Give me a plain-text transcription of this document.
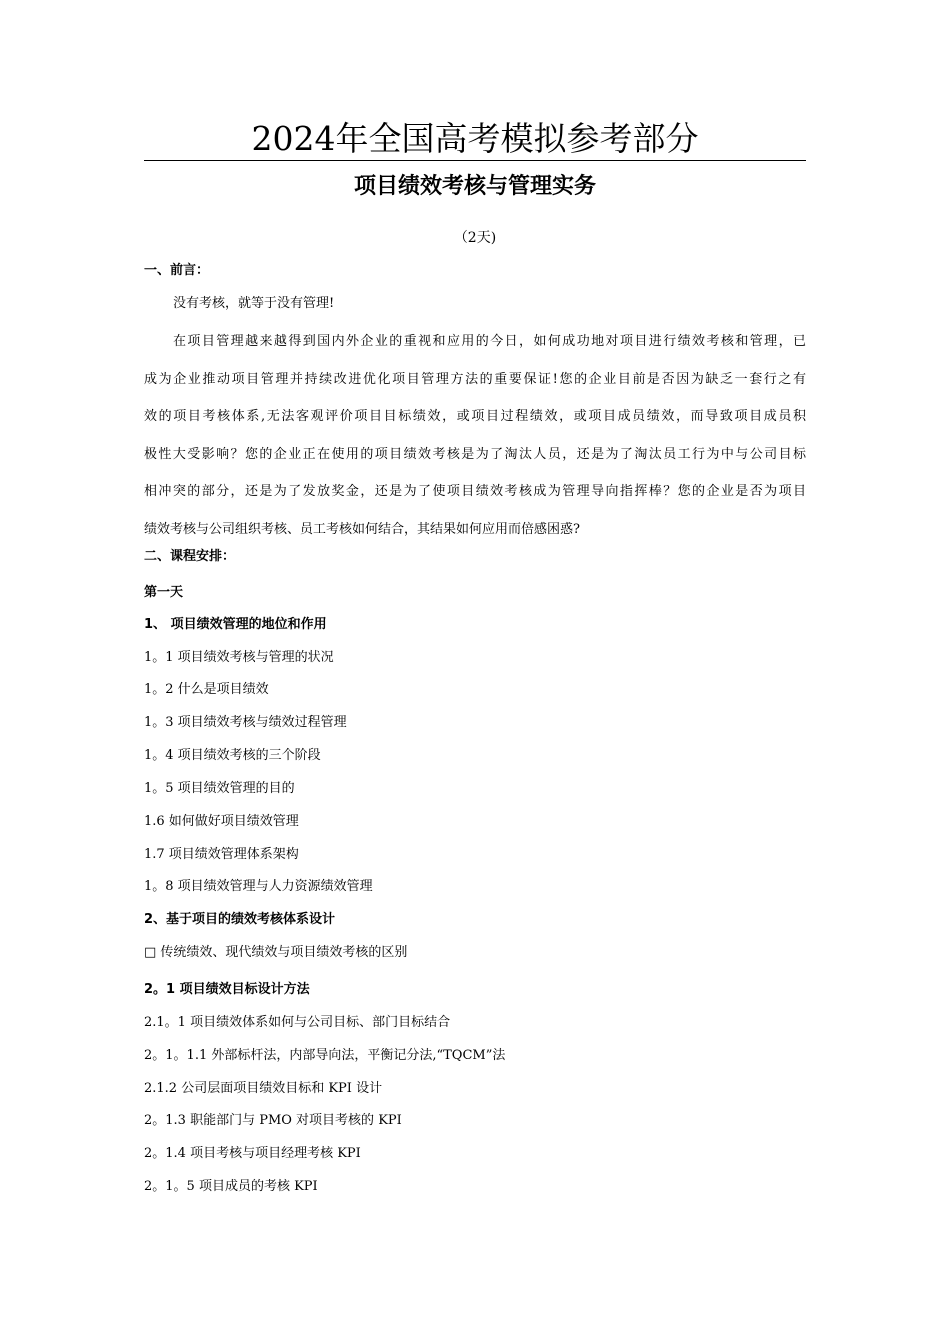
2024年全国高考模拟参考部分
项目绩效考核与管理实务
（2天)
一、前言：
没有考核，就等于没有管理!
在项目管理越来越得到国内外企业的重视和应用的今日，如何成功地对项目进行绩效考核和管理，已
成为企业推动项目管理并持续改进优化项目管理方法的重要保证!您的企业目前是否因为缺乏一套行之有
效的项目考核体系,无法客观评价项目目标绩效，或项目过程绩效，或项目成员绩效，而导致项目成员积
极性大受影响？您的企业正在使用的项目绩效考核是为了淘汰人员，还是为了淘汰员工行为中与公司目标
相冲突的部分，还是为了发放奖金，还是为了使项目绩效考核成为管理导向指挥棒？您的企业是否为项目
绩效考核与公司组织考核、员工考核如何结合，其结果如何应用而倍感困惑?
二、课程安排：
第一天
1、 项目绩效管理的地位和作用
1。1 项目绩效考核与管理的状况
1。2 什么是项目绩效
1。3 项目绩效考核与绩效过程管理
1。4 项目绩效考核的三个阶段
1。5 项目绩效管理的目的
1.6 如何做好项目绩效管理
1.7 项目绩效管理体系架构
1。8 项目绩效管理与人力资源绩效管理
2、基于项目的绩效考核体系设计
□ 传统绩效、现代绩效与项目绩效考核的区别
2。1 项目绩效目标设计方法
2.1。1 项目绩效体系如何与公司目标、部门目标结合
2。1。1.1 外部标杆法，内部导向法，平衡记分法,“TQCM”法
2.1.2 公司层面项目绩效目标和 KPI 设计
2。1.3 职能部门与 PMO 对项目考核的 KPI
2。1.4 项目考核与项目经理考核 KPI
2。1。5 项目成员的考核 KPI
